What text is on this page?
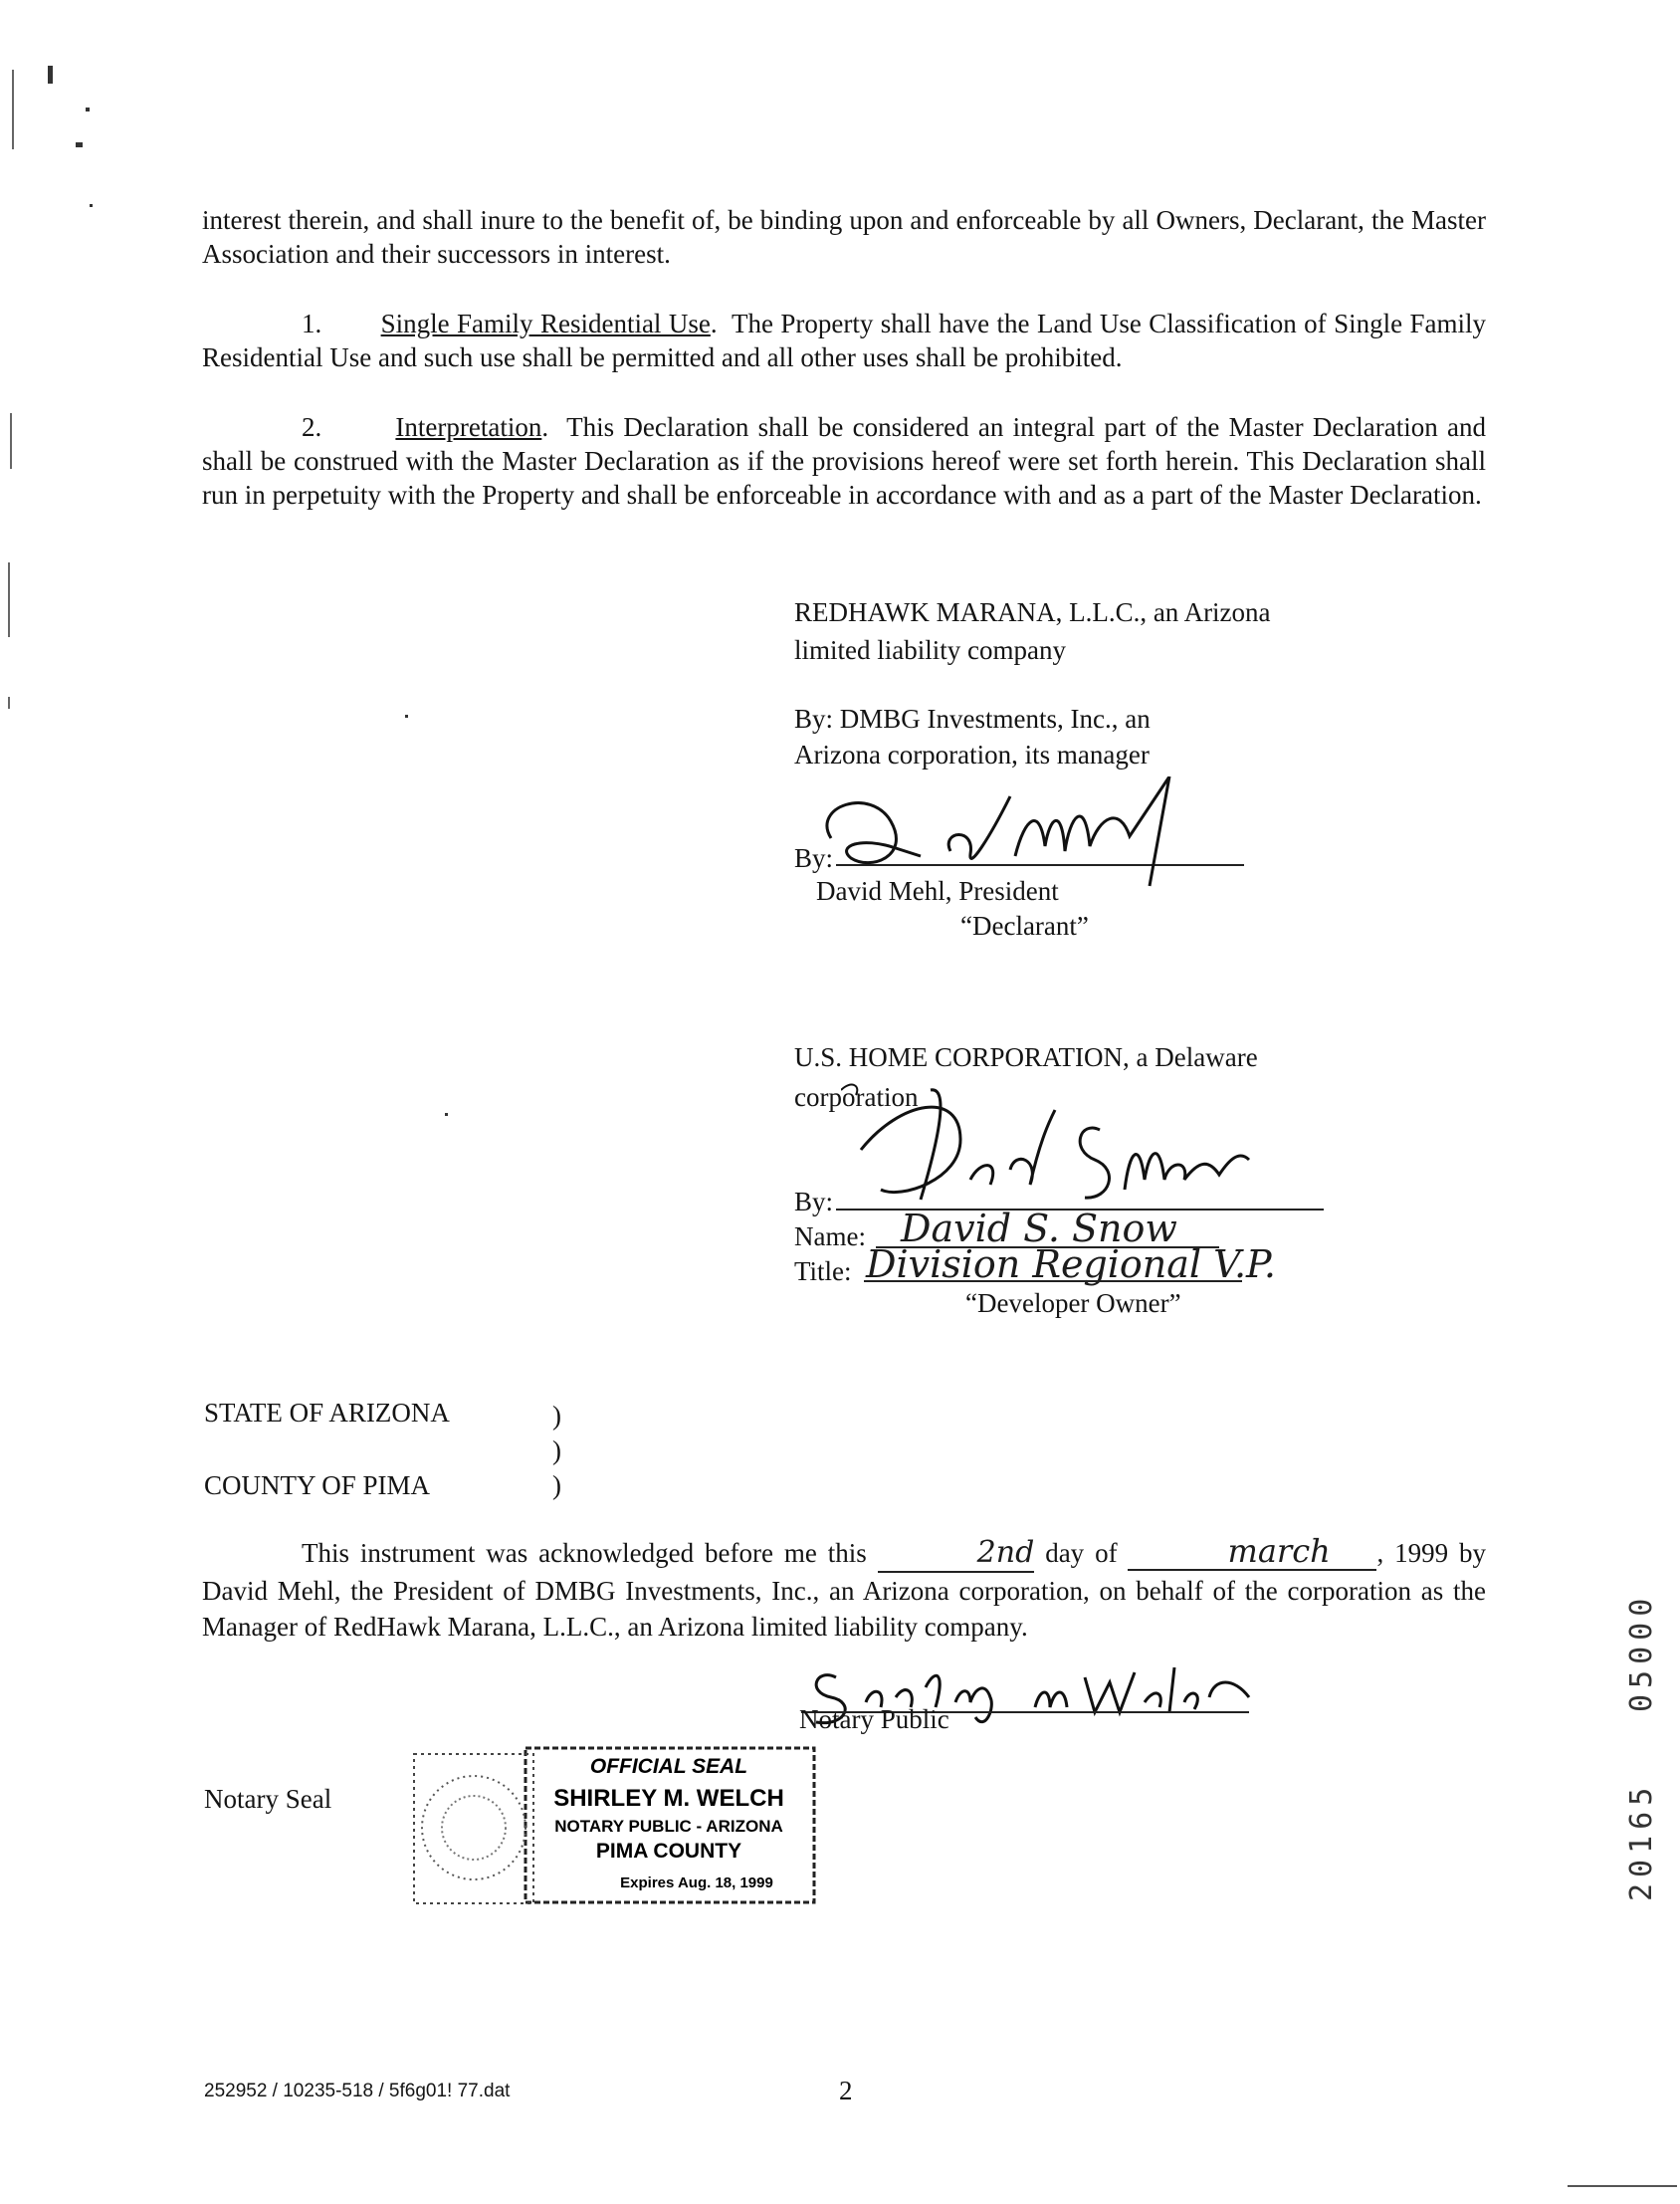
interest therein, and shall inure to the benefit of, be binding upon and enforceable by all Owners, Declarant, the Master Association and their successors in interest.
1. Single Family Residential Use.  The Property shall have the Land Use Classification of Single Family Residential Use and such use shall be permitted and all other uses shall be prohibited.
2.	Interpretation.  This Declaration shall be considered an integral part of the Master Declaration and shall be construed with the Master Declaration as if the provisions hereof were set forth herein. This Declaration shall run in perpetuity with the Property and shall be enforceable in accordance with and as a part of the Master Declaration.
REDHAWK MARANA, L.L.C., an Arizona
limited liability company
By: DMBG Investments, Inc., an
Arizona corporation, its manager
By:
David Mehl, President
“Declarant”
U.S. HOME CORPORATION, a Delaware
corporation
By:
Name: David S. Snow
Title: Division Regional V.P.
“Developer Owner”
STATE OF ARIZONA
COUNTY OF PIMA
)
)
)
This instrument was acknowledged before me this	2nd day of	march , 1999 by David Mehl, the President of DMBG Investments, Inc., an Arizona corporation, on behalf of the corporation as the Manager of RedHawk Marana, L.L.C., an Arizona limited liability company.
Notary Public
Notary Seal
OFFICIAL SEAL
SHIRLEY M. WELCH
NOTARY PUBLIC - ARIZONA
PIMA COUNTY
Expires Aug. 18, 1999
252952 / 10235-518 / 5f6g01! 77.dat	2
05000
20165
